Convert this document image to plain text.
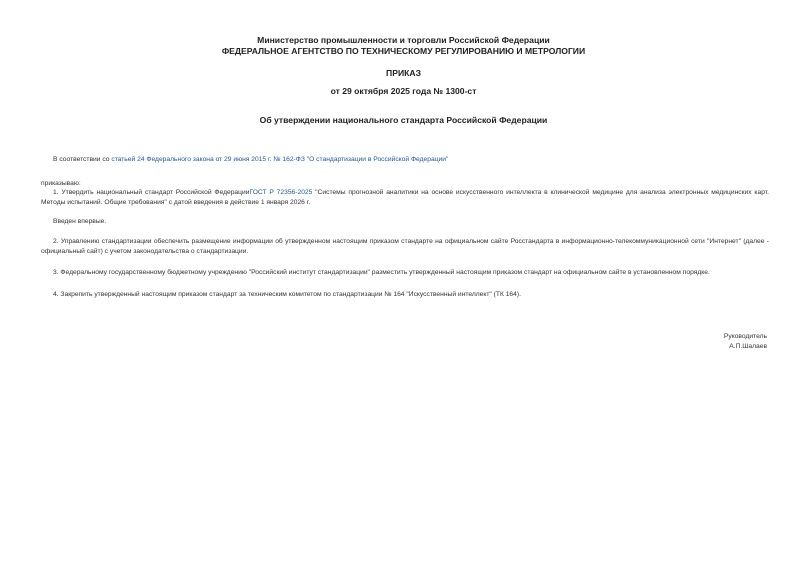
Министерство промышленности и торговли Российской Федерации
ФЕДЕРАЛЬНОЕ АГЕНТСТВО ПО ТЕХНИЧЕСКОМУ РЕГУЛИРОВАНИЮ И МЕТРОЛОГИИ
ПРИКАЗ
от 29 октября 2025 года № 1300-ст
Об утверждении национального стандарта Российской Федерации
В соответствии со статьей 24 Федерального закона от 29 июня 2015 г. № 162-ФЗ "О стандартизации в Российской Федерации"
приказываю:
1. Утвердить национальный стандарт Российской ФедерацииГОСТ Р 72356-2025 "Системы прогнозной аналитики на основе искусственного интеллекта в клинической медицине для анализа электронных медицинских карт. Методы испытаний. Общие требования" с датой введения в действие 1 января 2026 г.
Введен впервые.
2. Управлению стандартизации обеспечить размещение информации об утвержденном настоящим приказом стандарте на официальном сайте Росстандарта в информационно-телекоммуникационной сети "Интернет" (далее - официальный сайт) с учетом законодательства о стандартизации.
3. Федеральному государственному бюджетному учреждению "Российский институт стандартизации" разместить утвержденный настоящим приказом стандарт на официальном сайте в установленном порядке.
4. Закрепить утвержденный настоящим приказом стандарт за техническим комитетом по стандартизации № 164 "Искусственный интеллект" (ТК 164).
Руководитель
А.П.Шалаев
